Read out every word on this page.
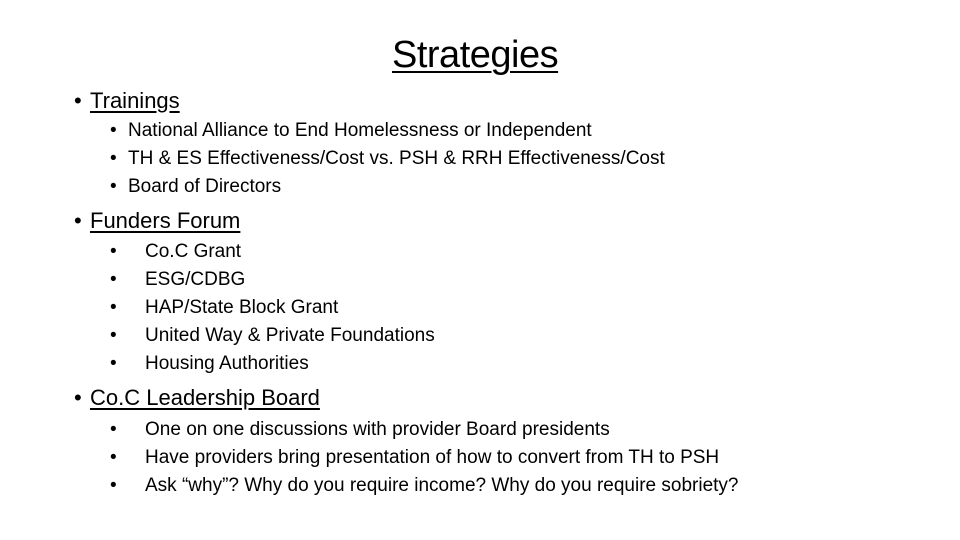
Strategies
• Trainings
• National Alliance to End Homelessness or Independent
• TH & ES Effectiveness/Cost vs. PSH & RRH Effectiveness/Cost
• Board of Directors
• Funders Forum
• Co.C Grant
• ESG/CDBG
• HAP/State Block Grant
• United Way & Private Foundations
• Housing Authorities
• Co.C Leadership Board
• One on one discussions with provider Board presidents
• Have providers bring presentation of how to convert from TH to PSH
• Ask “why”? Why do you require income? Why do you require sobriety?
